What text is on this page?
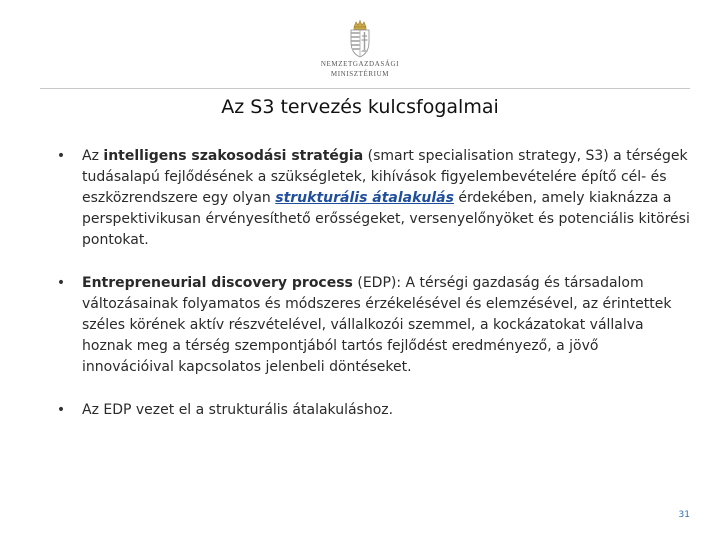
NEMZETGAZDASÁGI
MINISZTÉRIUM
Az S3 tervezés kulcsfogalmai
• Az intelligens szakosodási stratégia (smart specialisation strategy, S3) a térségek tudásalapú fejlődésének a szükségletek, kihívások figyelembevételére építő cél- és eszközrendszere egy olyan strukturális átalakulás érdekében, amely kiaknázza a perspektivikusan érvényesíthető erősségeket, versenyelőnyöket és potenciális kitörési pontokat.
• Entrepreneurial discovery process (EDP): A térségi gazdaság és társadalom változásainak folyamatos és módszeres érzékelésével és elemzésével, az érintettek széles körének aktív részvételével, vállalkozói szemmel, a kockázatokat vállalva hoznak meg a térség szempontjából tartós fejlődést eredményező, a jövő innovációival kapcsolatos jelenbeli döntéseket.
• Az EDP vezet el a strukturális átalakuláshoz.
31
